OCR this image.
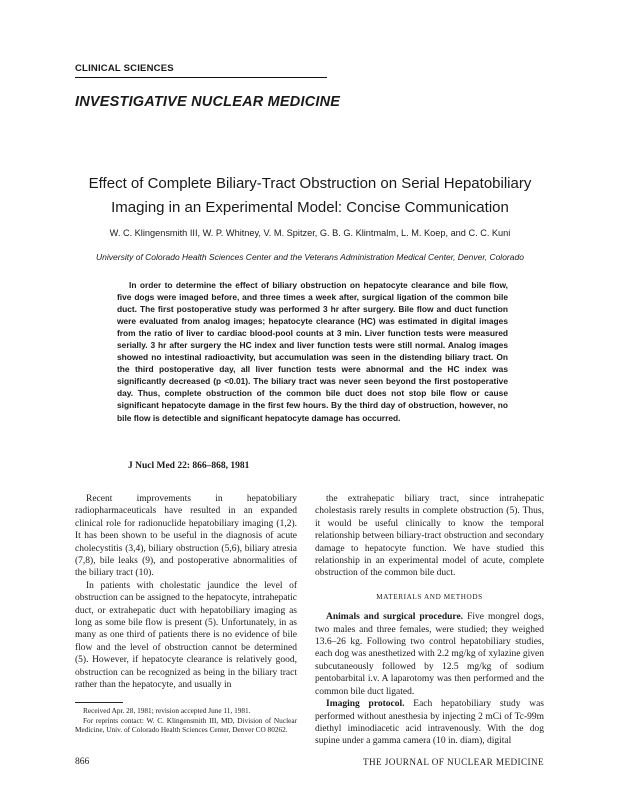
CLINICAL SCIENCES
INVESTIGATIVE NUCLEAR MEDICINE
Effect of Complete Biliary-Tract Obstruction on Serial Hepatobiliary Imaging in an Experimental Model: Concise Communication
W. C. Klingensmith III, W. P. Whitney, V. M. Spitzer, G. B. G. Klintmalm, L. M. Koep, and C. C. Kuni
University of Colorado Health Sciences Center and the Veterans Administration Medical Center, Denver, Colorado
In order to determine the effect of biliary obstruction on hepatocyte clearance and bile flow, five dogs were imaged before, and three times a week after, surgical ligation of the common bile duct. The first postoperative study was performed 3 hr after surgery. Bile flow and duct function were evaluated from analog images; hepatocyte clearance (HC) was estimated in digital images from the ratio of liver to cardiac blood-pool counts at 3 min. Liver function tests were measured serially. 3 hr after surgery the HC index and liver function tests were still normal. Analog images showed no intestinal radioactivity, but accumulation was seen in the distending biliary tract. On the third postoperative day, all liver function tests were abnormal and the HC index was significantly decreased (p <0.01). The biliary tract was never seen beyond the first postoperative day. Thus, complete obstruction of the common bile duct does not stop bile flow or cause significant hepatocyte damage in the first few hours. By the third day of obstruction, however, no bile flow is detectible and significant hepatocyte damage has occurred.
J Nucl Med 22: 866–868, 1981

Recent improvements in hepatobiliary radiopharmaceuticals have resulted in an expanded clinical role for radionuclide hepatobiliary imaging (1,2). It has been shown to be useful in the diagnosis of acute cholecystitis (3,4), biliary obstruction (5,6), biliary atresia (7,8), bile leaks (9), and postoperative abnormalities of the biliary tract (10).

In patients with cholestatic jaundice the level of obstruction can be assigned to the hepatocyte, intrahepatic duct, or extrahepatic duct with hepatobiliary imaging as long as some bile flow is present (5). Unfortunately, in as many as one third of patients there is no evidence of bile flow and the level of obstruction cannot be determined (5). However, if hepatocyte clearance is relatively good, obstruction can be recognized as being in the biliary tract rather than the hepatocyte, and usually in

the extrahepatic biliary tract, since intrahepatic cholestasis rarely results in complete obstruction (5). Thus, it would be useful clinically to know the temporal relationship between biliary-tract obstruction and secondary damage to hepatocyte function. We have studied this relationship in an experimental model of acute, complete obstruction of the common bile duct.

MATERIALS AND METHODS

Animals and surgical procedure. Five mongrel dogs, two males and three females, were studied; they weighed 13.6–26 kg. Following two control hepatobiliary studies, each dog was anesthetized with 2.2 mg/kg of xylazine given subcutaneously followed by 12.5 mg/kg of sodium pentobarbital i.v. A laparotomy was then performed and the common bile duct ligated.

Imaging protocol. Each hepatobiliary study was performed without anesthesia by injecting 2 mCi of Tc-99m diethyl iminodiacetic acid intravenously. With the dog supine under a gamma camera (10 in. diam), digital

Received Apr. 28, 1981; revision accepted June 11, 1981.

For reprints contact: W. C. Klingensmith III, MD, Division of Nuclear Medicine, Univ. of Colorado Health Sciences Center, Denver CO 80262.

866	THE JOURNAL OF NUCLEAR MEDICINE
